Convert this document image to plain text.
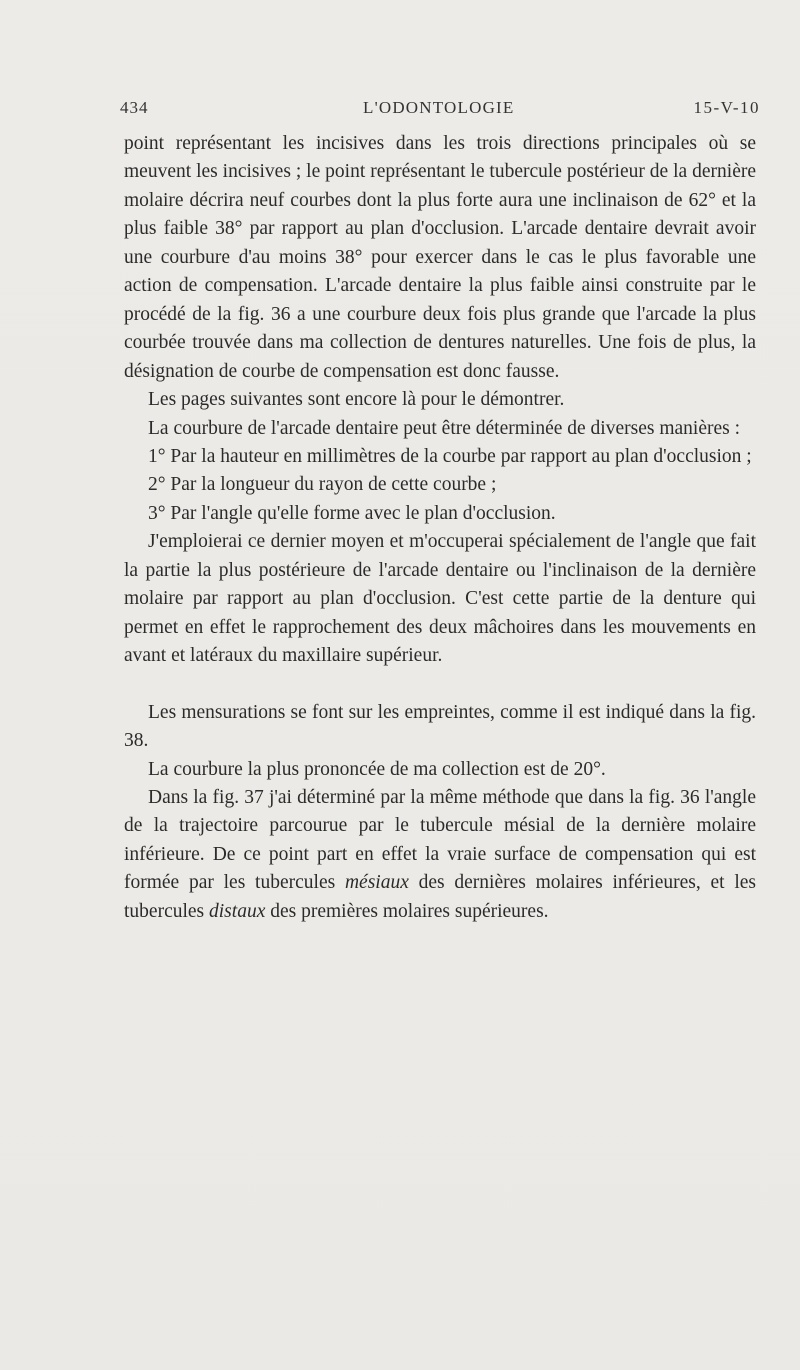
434	L'ODONTOLOGIE	15-V-10

point représentant les incisives dans les trois directions principales où se meuvent les incisives ; le point représentant le tubercule postérieur de la dernière molaire décrira neuf courbes dont la plus forte aura une inclinaison de 62° et la plus faible 38° par rapport au plan d'occlusion. L'arcade dentaire devrait avoir une courbure d'au moins 38° pour exercer dans le cas le plus favorable une action de compensation. L'arcade dentaire la plus faible ainsi construite par le procédé de la fig. 36 a une courbure deux fois plus grande que l'arcade la plus courbée trouvée dans ma collection de dentures naturelles. Une fois de plus, la désignation de courbe de compensation est donc fausse.

Les pages suivantes sont encore là pour le démontrer.

La courbure de l'arcade dentaire peut être déterminée de diverses manières :

1° Par la hauteur en millimètres de la courbe par rapport au plan d'occlusion ;

2° Par la longueur du rayon de cette courbe ;

3° Par l'angle qu'elle forme avec le plan d'occlusion.

J'emploierai ce dernier moyen et m'occuperai spécialement de l'angle que fait la partie la plus postérieure de l'arcade dentaire ou l'inclinaison de la dernière molaire par rapport au plan d'occlusion. C'est cette partie de la denture qui permet en effet le rapprochement des deux mâchoires dans les mouvements en avant et latéraux du maxillaire supérieur.

Les mensurations se font sur les empreintes, comme il est indiqué dans la fig. 38.

La courbure la plus prononcée de ma collection est de 20°.

Dans la fig. 37 j'ai déterminé par la même méthode que dans la fig. 36 l'angle de la trajectoire parcourue par le tubercule mésial de la dernière molaire inférieure. De ce point part en effet la vraie surface de compensation qui est formée par les tubercules mésiaux des dernières molaires inférieures, et les tubercules distaux des premières molaires supérieures.
